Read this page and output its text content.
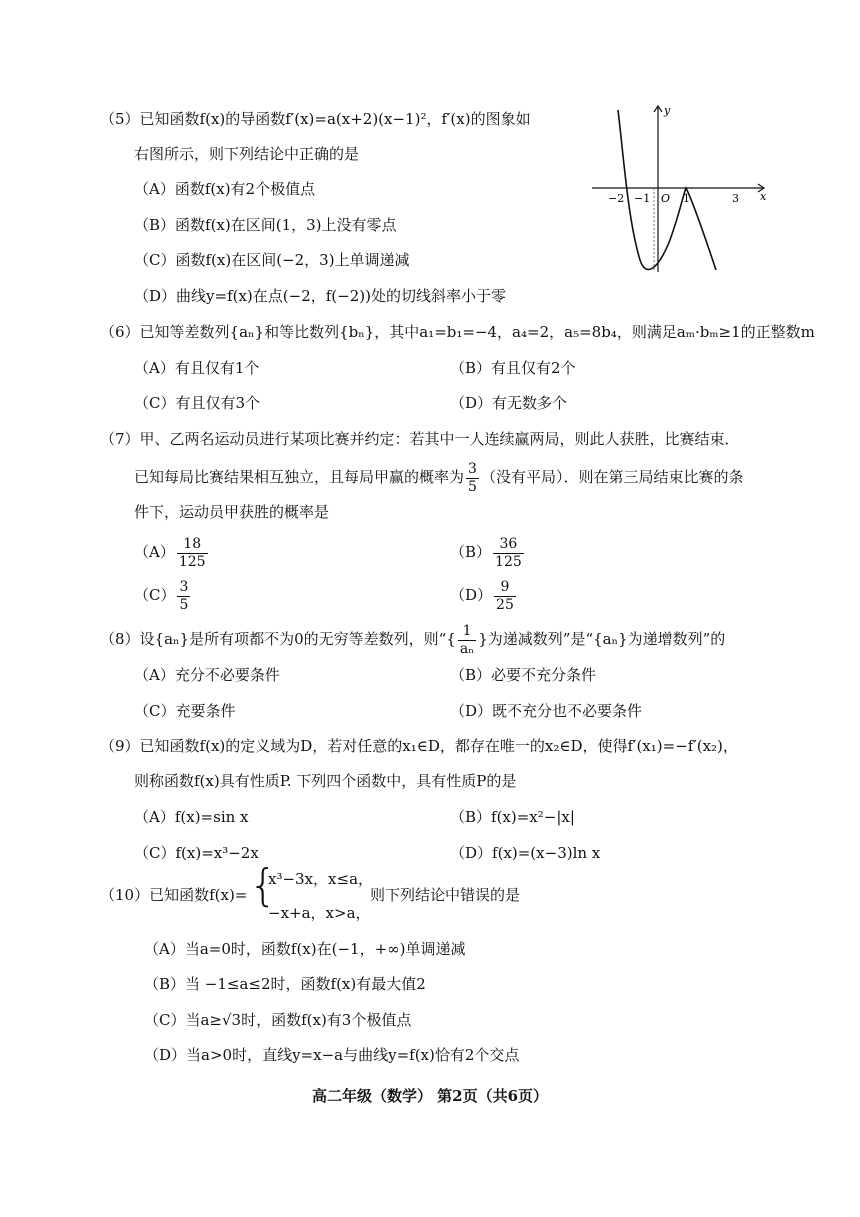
（5）已知函数f(x)的导函数f′(x)=a(x+2)(x−1)²，f′(x)的图象如
右图所示，则下列结论中正确的是
（A）函数f(x)有2个极值点
（B）函数f(x)在区间(1，3)上没有零点
（C）函数f(x)在区间(−2，3)上单调递减
（D）曲线y=f(x)在点(−2，f(−2))处的切线斜率小于零
−2 −1 O 1	3 x
y
（6）已知等差数列{aₙ}和等比数列{bₙ}，其中a₁=b₁=−4，a₄=2，a₅=8b₄，则满足aₘ·bₘ≥1的正整数m
（A）有且仅有1个	（B）有且仅有2个
（C）有且仅有3个	（D）有无数多个
（7）甲、乙两名运动员进行某项比赛并约定：若其中一人连续赢两局，则此人获胜，比赛结束．
已知每局比赛结果相互独立，且每局甲赢的概率为 $\frac{3}{5}$ （没有平局）．则在第三局结束比赛的条
件下，运动员甲获胜的概率是
$(A) \frac{18}{125}$	$(B) \frac{36}{125}$
$(C) \frac{3}{5}$	$(D) \frac{9}{25}$
（8）设{aₙ}是所有项都不为0的无穷等差数列，则“{ $\frac{1}{\text{aₙ}}$ }为递减数列”是“{aₙ}为递增数列”的
（A）充分不必要条件	（B）必要不充分条件
（C）充要条件	（D）既不充分也不必要条件
（9）已知函数f(x)的定义域为D，若对任意的x₁∈D，都存在唯一的x₂∈D，使得f′(x₁)=−f′(x₂)，
则称函数f(x)具有性质P. 下列四个函数中，具有性质P的是
（A）f(x)=sin x	（B）f(x)=x²−|x|
（C）f(x)=x³−2x	（D）f(x)=(x−3)ln x
（10）已知函数f(x)= {
x³−3x，x≤a，
−x+a，x>a，
则下列结论中错误的是
（A）当a=0时，函数f(x)在(−1，+∞)单调递减
（B）当 −1≤a≤2时，函数f(x)有最大值2
（C）当a≥√3时，函数f(x)有3个极值点
（D）当a>0时，直线y=x−a与曲线y=f(x)恰有2个交点
高二年级（数学） 第2页（共6页）
